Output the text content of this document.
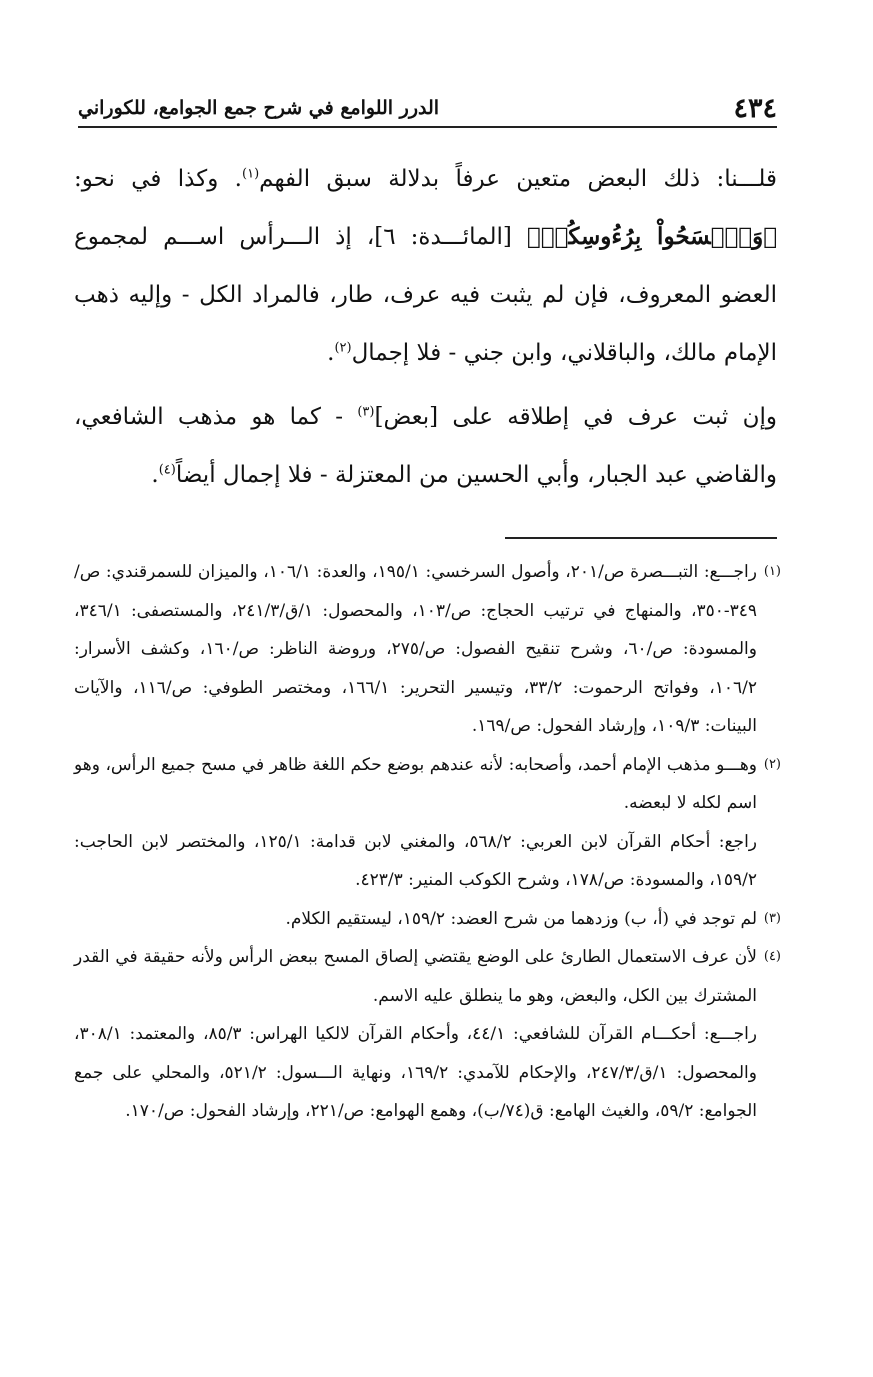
٤٣٤
الدرر اللوامع في شرح جمع الجوامع، للكوراني

قلـــنا: ذلك البعض متعين عرفاً بدلالة سبق الفهم$^{(١)}$. وكذا في نحو: ﴿وَٱمۡسَحُواْ بِرُءُوسِكُمۡ﴾ [المائـــدة: ٦]، إذ الـــرأس اســـم لمجموع العضو المعروف، فإن لم يثبت فيه عرف، طار، فالمراد الكل - وإليه ذهب الإمام مالك، والباقلاني، وابن جني - فلا إجمال$^{(٢)}$.

وإن ثبت عرف في إطلاقه على [بعض]$^{(٣)}$ - كما هو مذهب الشافعي، والقاضي عبد الجبار، وأبي الحسين من المعتزلة - فلا إجمال أيضاً$^{(٤)}$.

(١)

راجـــع: التبـــصرة ص/٢٠١، وأصول السرخسي: ١٩٥/١، والعدة: ١٠٦/١، والميزان للسمرقندي: ص/٣٤٩-٣٥٠، والمنهاج في ترتيب الحجاج: ص/١٠٣، والمحصول: ١/ق/٢٤١/٣، والمستصفى: ٣٤٦/١، والمسودة: ص/٦٠، وشرح تنقيح الفصول: ص/٢٧٥، وروضة الناظر: ص/١٦٠، وكشف الأسرار: ١٠٦/٢، وفواتح الرحموت: ٣٣/٢، وتيسير التحرير: ١٦٦/١، ومختصر الطوفي: ص/١١٦، والآيات البينات: ١٠٩/٣، وإرشاد الفحول: ص/١٦٩.

(٢)

وهـــو مذهب الإمام أحمد، وأصحابه: لأنه عندهم بوضع حكم اللغة ظاهر في مسح جميع الرأس، وهو اسم لكله لا لبعضه.

راجع: أحكام القرآن لابن العربي: ٥٦٨/٢، والمغني لابن قدامة: ١٢٥/١، والمختصر لابن الحاجب: ١٥٩/٢، والمسودة: ص/١٧٨، وشرح الكوكب المنير: ٤٢٣/٣.

(٣)

لم توجد في (أ، ب) وزدهما من شرح العضد: ١٥٩/٢، ليستقيم الكلام.

(٤)

لأن عرف الاستعمال الطارئ على الوضع يقتضي إلصاق المسح ببعض الرأس ولأنه حقيقة في القدر المشترك بين الكل، والبعض، وهو ما ينطلق عليه الاسم.

راجـــع: أحكـــام القرآن للشافعي: ٤٤/١، وأحكام القرآن لالكيا الهراس: ٨٥/٣، والمعتمد: ٣٠٨/١، والمحصول: ١/ق/٢٤٧/٣، والإحكام للآمدي: ١٦٩/٢، ونهاية الـــسول: ٥٢١/٢، والمحلي على جمع الجوامع: ٥٩/٢، والغيث الهامع: ق(٧٤/ب)، وهمع الهوامع: ص/٢٢١، وإرشاد الفحول: ص/١٧٠.
